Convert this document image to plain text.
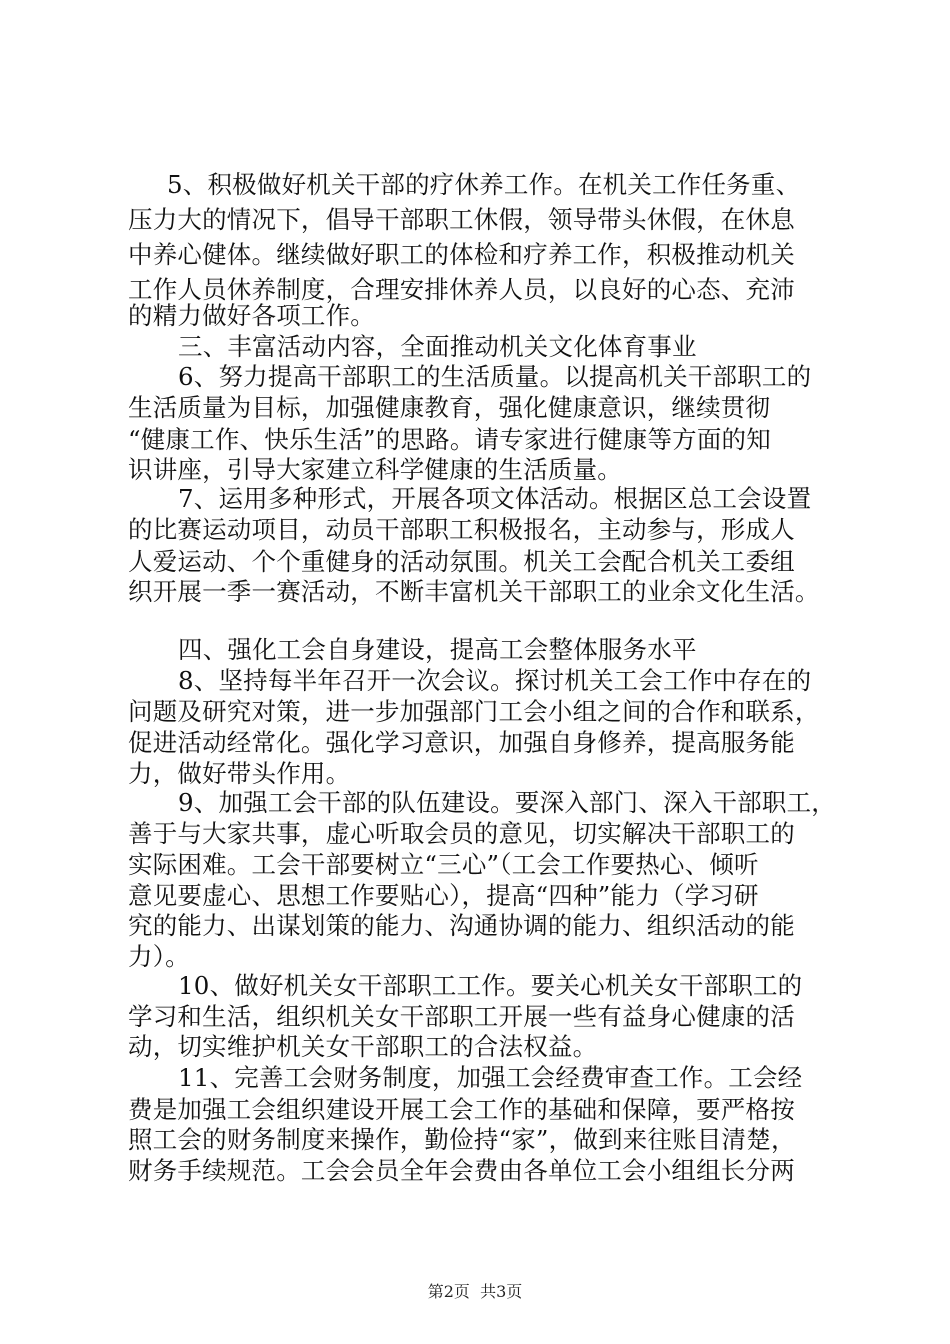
5、积极做好机关干部的疗休养工作。在机关工作任务重、
压力大的情况下，倡导干部职工休假，领导带头休假，在休息
中养心健体。继续做好职工的体检和疗养工作，积极推动机关
工作人员休养制度，合理安排休养人员，以良好的心态、充沛
的精力做好各项工作。
三、丰富活动内容，全面推动机关文化体育事业
6、努力提高干部职工的生活质量。以提高机关干部职工的
生活质量为目标，加强健康教育，强化健康意识，继续贯彻
“健康工作、快乐生活”的思路。请专家进行健康等方面的知
识讲座，引导大家建立科学健康的生活质量。
7、运用多种形式，开展各项文体活动。根据区总工会设置
的比赛运动项目，动员干部职工积极报名，主动参与，形成人
人爱运动、个个重健身的活动氛围。机关工会配合机关工委组
织开展一季一赛活动，不断丰富机关干部职工的业余文化生活。
四、强化工会自身建设，提高工会整体服务水平
8、坚持每半年召开一次会议。探讨机关工会工作中存在的
问题及研究对策，进一步加强部门工会小组之间的合作和联系，
促进活动经常化。强化学习意识，加强自身修养，提高服务能
力，做好带头作用。
9、加强工会干部的队伍建设。要深入部门、深入干部职工，
善于与大家共事，虚心听取会员的意见，切实解决干部职工的
实际困难。工会干部要树立“三心”（工会工作要热心、倾听
意见要虚心、思想工作要贴心），提高“四种”能力（学习研
究的能力、出谋划策的能力、沟通协调的能力、组织活动的能
力）。
10、做好机关女干部职工工作。要关心机关女干部职工的
学习和生活，组织机关女干部职工开展一些有益身心健康的活
动，切实维护机关女干部职工的合法权益。
11、完善工会财务制度，加强工会经费审查工作。工会经
费是加强工会组织建设开展工会工作的基础和保障，要严格按
照工会的财务制度来操作，勤俭持“家”，做到来往账目清楚，
财务手续规范。工会会员全年会费由各单位工会小组组长分两
第2页  共3页
